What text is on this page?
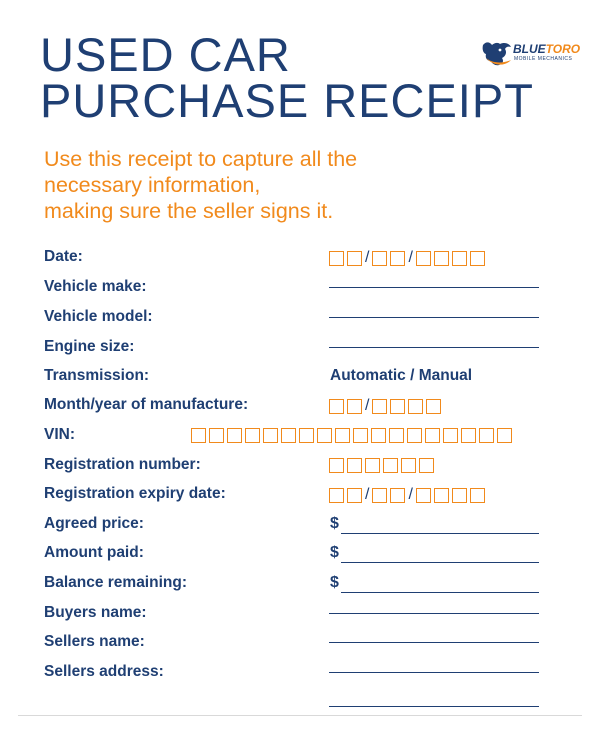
USED CAR
PURCHASE RECEIPT
BLUETORO
MOBILE MECHANICS
Use this receipt to capture all the
necessary information,
making sure the seller signs it.
Date:	/ /
Vehicle make:
Vehicle model:
Engine size:
Transmission:	Automatic / Manual
Month/year of manufacture:	/
VIN:
Registration number:
Registration expiry date:	/ /
Agreed price:	$
Amount paid:	$
Balance remaining:	$
Buyers name:
Sellers name:
Sellers address:
